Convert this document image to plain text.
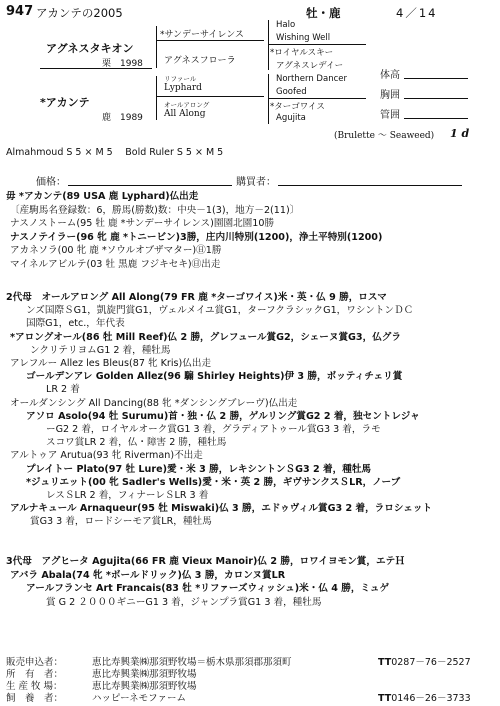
947 アカンテの2005	牡・鹿	4／14
アグネスタキオン
栗　1998
*サンデーサイレンス
アグネスフローラ
Halo
Wishing Well
*ロイヤルスキー
アグネスレデイー
*アカンテ
鹿　1989
リファール
Lyphard
オールアロング
All Along
Northern Dancer
Goofed
*ターゴワイス
Agujita
(Brulette ～ Seaweed) 1 d
体高
胸囲
管囲
Almahmoud S 5 × M 5　 Bold Ruler S 5 × M 5
価格：	購買者：
毋 *アカンテ(89 USA 鹿 Lyphard)仏出走
〔産駒馬名登録数：6，勝馬(勝数)数：中央－1(3)，地方－2(11)〕
ナスノストーム(95 牡 鹿 *サンデーサイレンス)園園北園10勝
ナスノテイラー(96 牝 鹿 *トニービン)3勝，庄内川特別(1200)，浄土平特別(1200)
アカネソラ(00 牝 鹿 *ソウルオブザマター)㊐1勝
マイネルアビルテ(03 牡 黒鹿 フジキセキ)㊐出走
2代母　オールアロング All Along(79 FR 鹿 *ターゴワイス)米・英・仏 9 勝，ロスマ
ンズ国際ＳG1，凱旋門賞G1，ヴェルメイユ賞G1，ターフクラシックG1，ワシントンＤＣ
国際G1，etc.，年代表
*アロングオール(86 牡 Mill Reef)仏 2 勝，グレフュール賞G2，シェーヌ賞G3，仏グラ
ンクリテリヨムG1 2 着，種牡馬
アレフルー Allez les Bleus(87 牝 Kris)仏出走
ゴールデンアレ Golden Allez(96 騸 Shirley Heights)伊 3 勝，ボッティチェリ賞
LR 2 着
オールダンシング All Dancing(88 牝 *ダンシングブレーヴ)仏出走
アソロ Asolo(94 牡 Surumu)首・独・仏 2 勝，ゲルリング賞G2 2 着，独セントレジャ
ーG2 2 着，ロイヤルオーク賞G1 3 着，グラディアトゥール賞G3 3 着，ラモ
スコワ賞LR 2 着，仏・障害 2 勝，種牡馬
アルトゥア Arutua(93 牝 Riverman)不出走
プレイトー Plato(97 牡 Lure)愛・米 3 勝，レキシントンＳG3 2 着，種牡馬
*ジュリエット(00 牝 Sadler's Wells)愛・米・英 2 勝，ギヴサンクスＳLR，ノーブ
レスＳLR 2 着，フィナーレＳLR 3 着
アルナキュール Arnaqueur(95 牡 Miswaki)仏 3 勝，エドゥヴィル賞G3 2 着，ラロシェット
賞G3 3 着，ロードシーモア賞LR，種牡馬
3代母　アグヒータ Agujita(66 FR 鹿 Vieux Manoir)仏 2 勝，ロワイヨモン賞，エテＨ
アバラ Abala(74 牝 *ボールドリック)仏 3 勝，カロンヌ賞LR
アールフランセ Art Francais(83 牡 *リファーズウィッシュ)米・仏 4 勝，ミュゲ
賞 G 2 ２０００ギニーG1 3 着，ジャンプラ賞G1 3 着，種牡馬
販売申込者：	恵比寿興業㈱那須野牧場＝栃木県那須郡那須町	TT0287－76－2527
所　有　者：	恵比寿興業㈱那須野牧場
生 産 牧 場：	恵比寿興業㈱那須野牧場
飼　養　者：	ハッピーネモファーム	TT0146－26－3733
